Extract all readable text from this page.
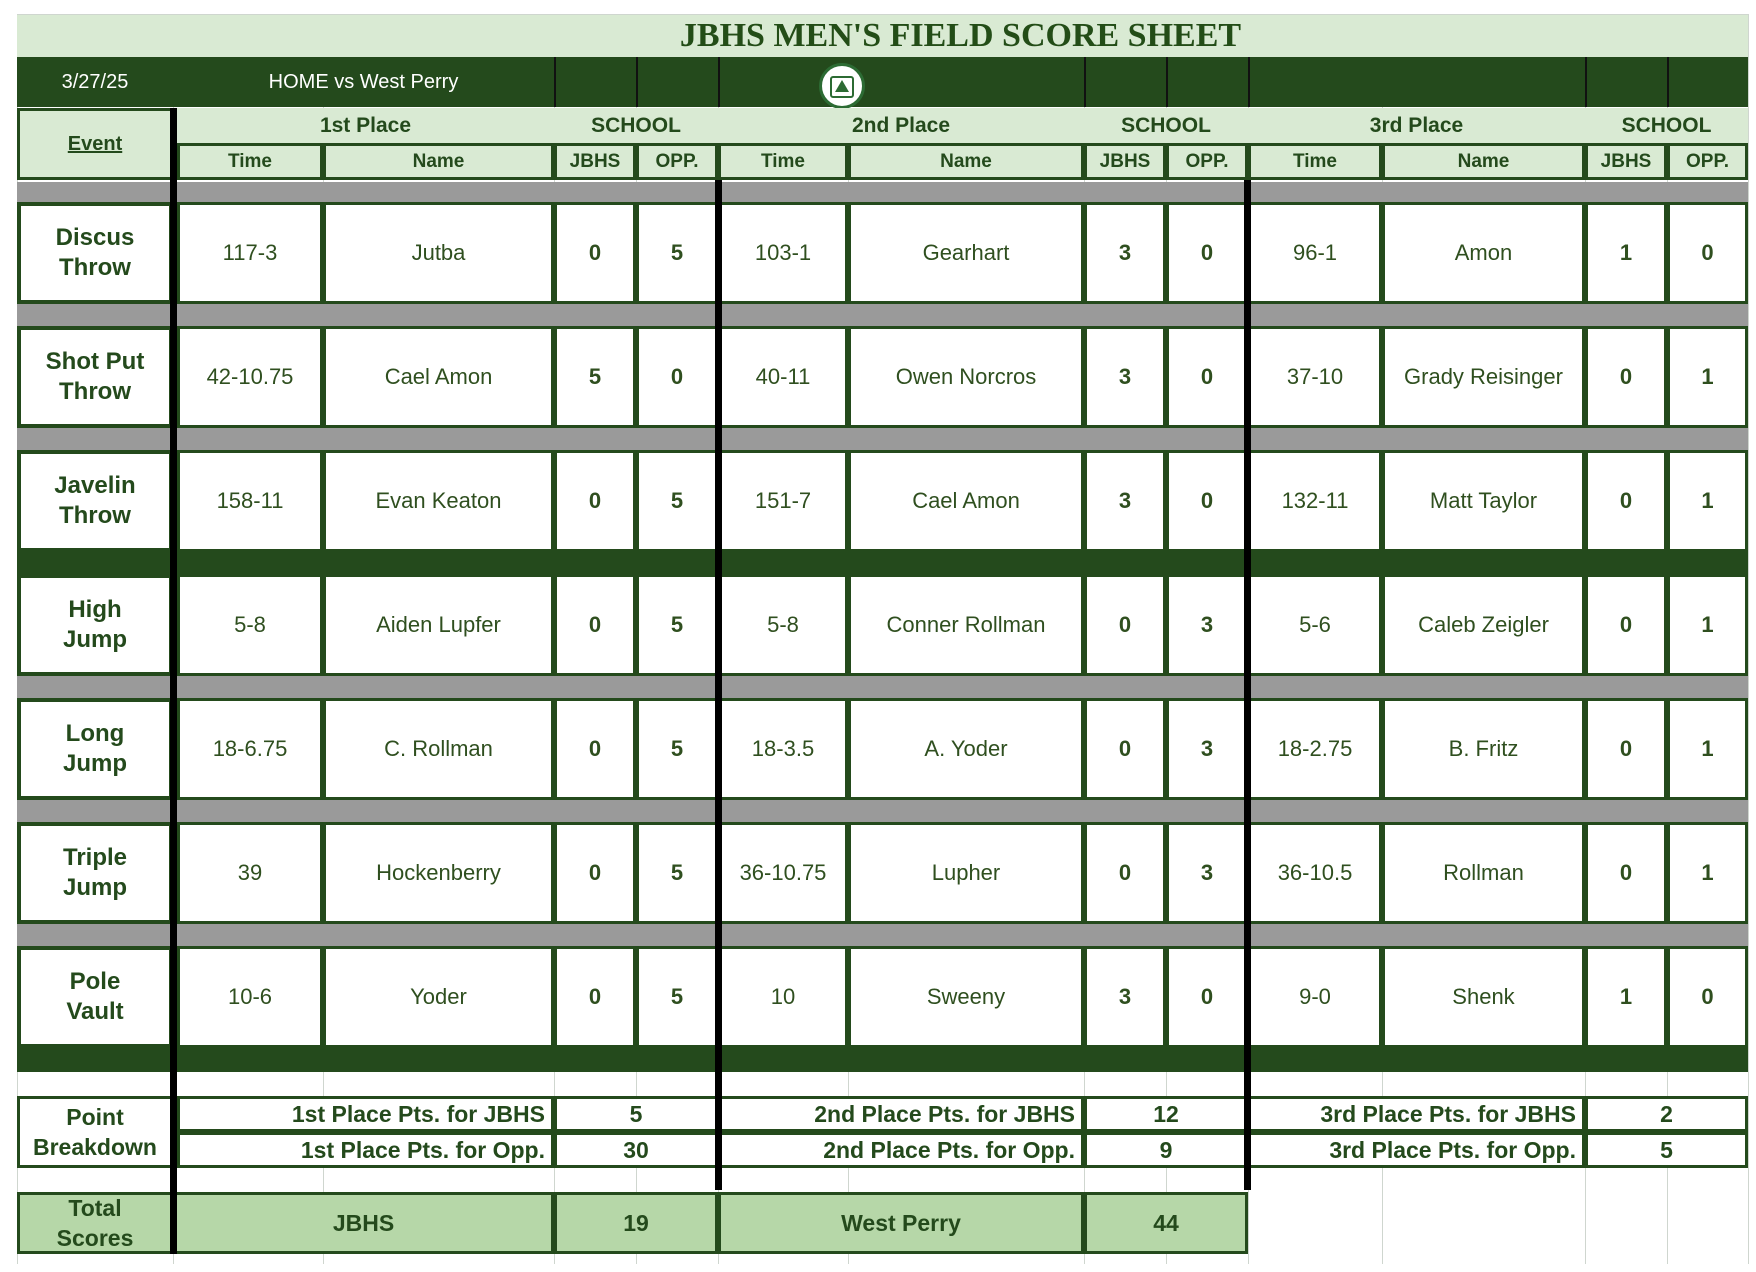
JBHS MEN'S FIELD SCORE SHEET
3/27/25	HOME vs West Perry
Event
1st Place	SCHOOL	2nd Place	SCHOOL	3rd Place	SCHOOL
Time	Name	JBHS	OPP.	Time	Name	JBHS	OPP.	Time	Name	JBHS	OPP.
Discus
Throw
117-3	Jutba	0	5	103-1	Gearhart	3	0	96-1	Amon	1	0
Shot Put
Throw
42-10.75	Cael Amon	5	0	40-11	Owen Norcros	3	0	37-10	Grady Reisinger	0	1
Javelin
Throw
158-11	Evan Keaton	0	5	151-7	Cael Amon	3	0	132-11	Matt Taylor	0	1
High
Jump
5-8	Aiden Lupfer	0	5	5-8	Conner Rollman	0	3	5-6	Caleb Zeigler	0	1
Long
Jump
18-6.75	C. Rollman	0	5	18-3.5	A. Yoder	0	3	18-2.75	B. Fritz	0	1
Triple
Jump
39	Hockenberry	0	5	36-10.75	Lupher	0	3	36-10.5	Rollman	0	1
Pole
Vault
10-6	Yoder	0	5	10	Sweeny	3	0	9-0	Shenk	1	0
Point
Breakdown
1st Place Pts. for JBHS	5	2nd Place Pts. for JBHS	12	3rd Place Pts. for JBHS	2
1st Place Pts. for Opp.	30	2nd Place Pts. for Opp.	9	3rd Place Pts. for Opp.	5
Total
Scores
JBHS	19	West Perry	44
